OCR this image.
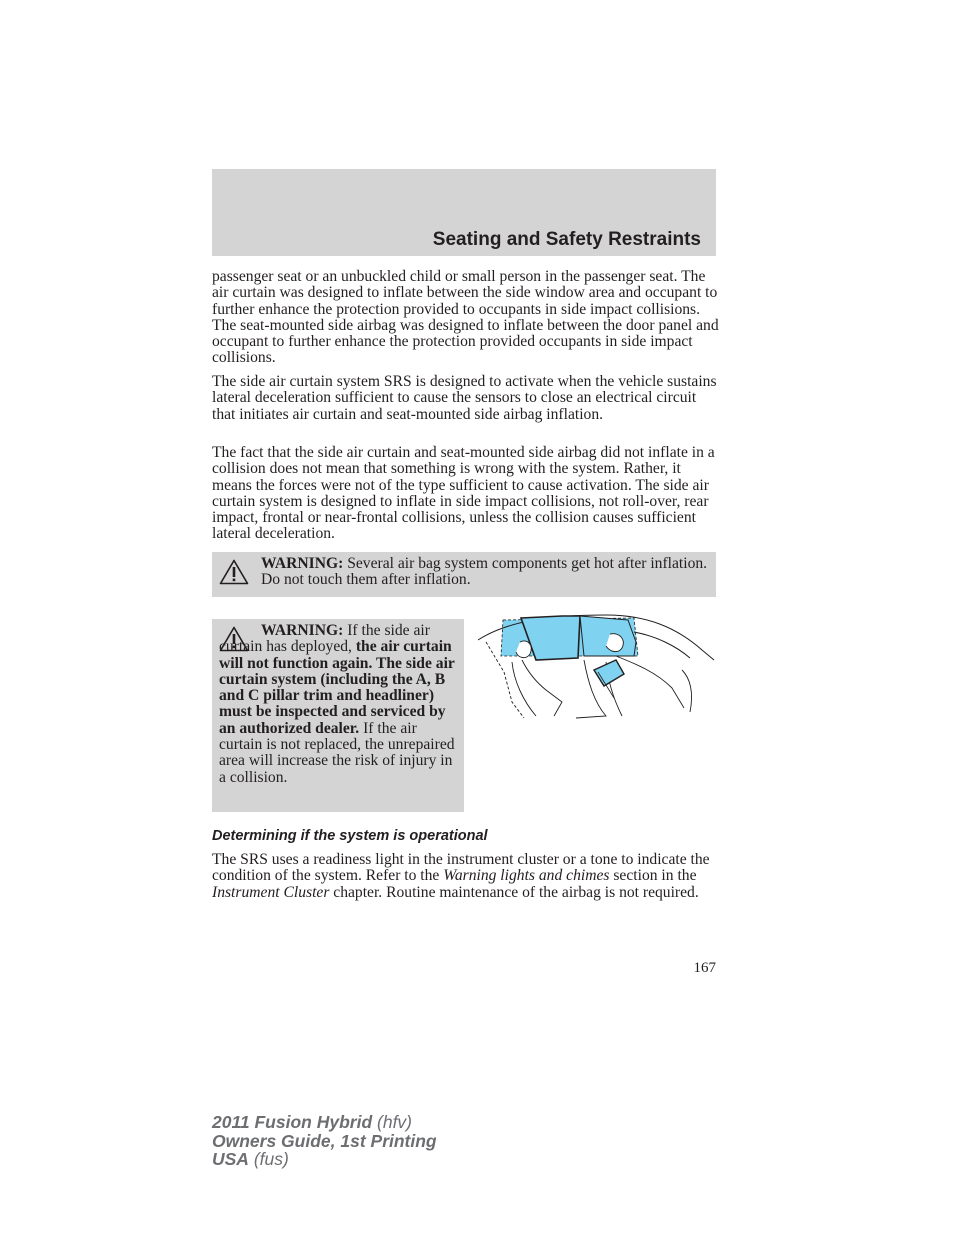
Seating and Safety Restraints

passenger seat or an unbuckled child or small person in the passenger seat. The air curtain was designed to inflate between the side window area and occupant to further enhance the protection provided to occupants in side impact collisions. The seat-mounted side airbag was designed to inflate between the door panel and occupant to further enhance the protection provided occupants in side impact collisions.

The side air curtain system SRS is designed to activate when the vehicle sustains lateral deceleration sufficient to cause the sensors to close an electrical circuit that initiates air curtain and seat-mounted side airbag inflation.

The fact that the side air curtain and seat-mounted side airbag did not inflate in a collision does not mean that something is wrong with the system. Rather, it means the forces were not of the type sufficient to cause activation. The side air curtain system is designed to inflate in side impact collisions, not roll-over, rear impact, frontal or near-frontal collisions, unless the collision causes sufficient lateral deceleration.

WARNING: Several air bag system components get hot after inflation. Do not touch them after inflation.

WARNING: If the side air curtain has deployed, the air curtain will not function again. The side air curtain system (including the A, B and C pillar trim and headliner) must be inspected and serviced by an authorized dealer. If the air curtain is not replaced, the unrepaired area will increase the risk of injury in a collision.

Determining if the system is operational

The SRS uses a readiness light in the instrument cluster or a tone to indicate the condition of the system. Refer to the Warning lights and chimes section in the Instrument Cluster chapter. Routine maintenance of the airbag is not required.

167
2011 Fusion Hybrid (hfv)
Owners Guide, 1st Printing
USA (fus)
